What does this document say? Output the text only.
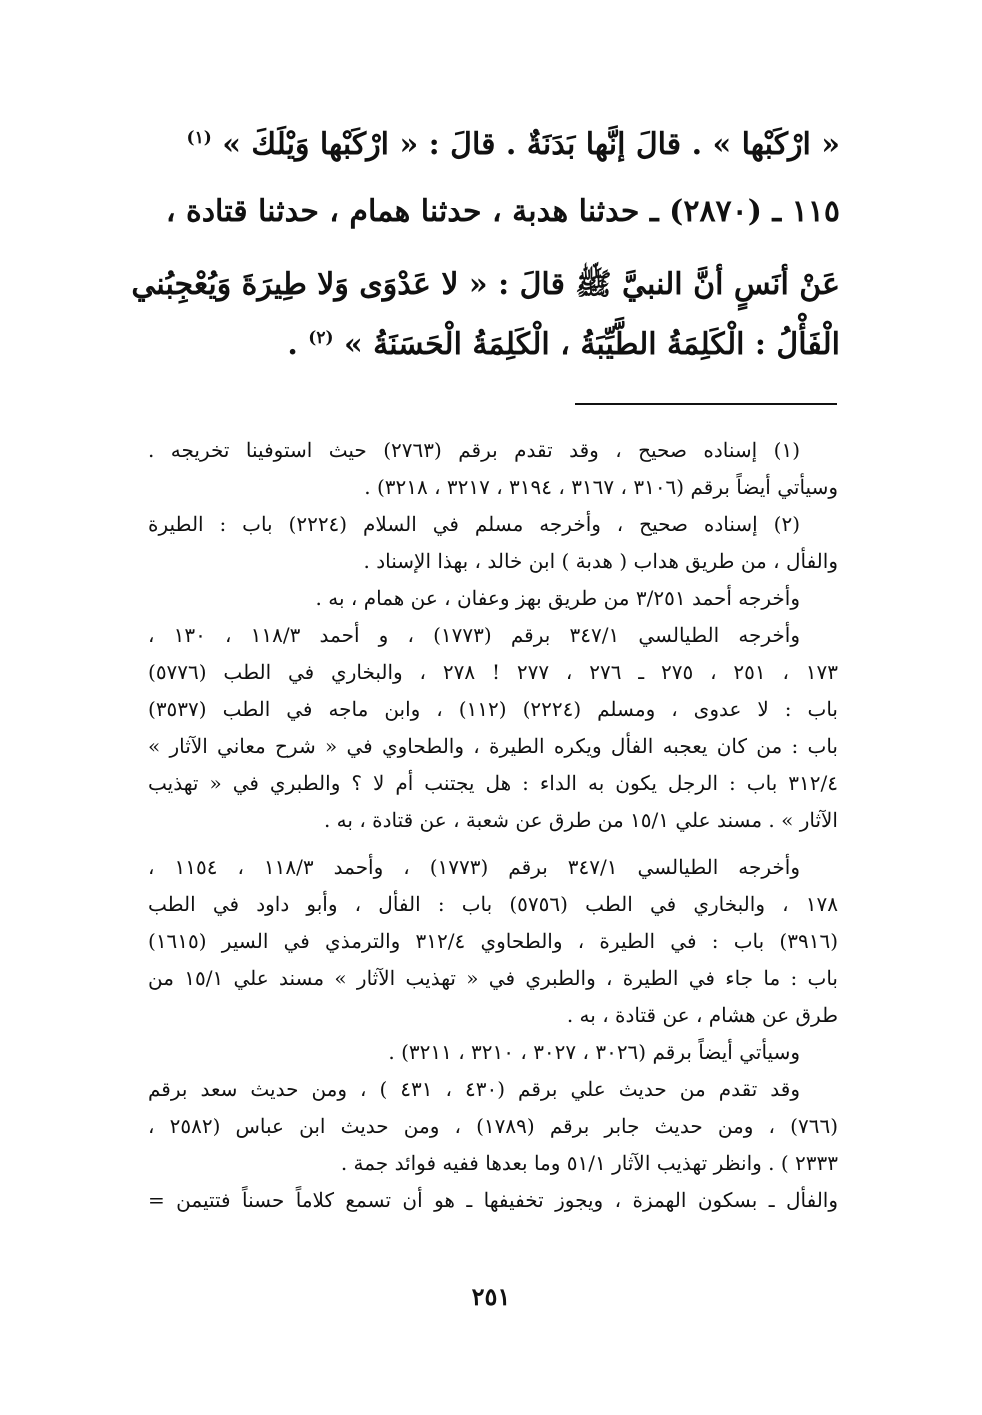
« ارْكَبْها » . قالَ إنَّها بَدَنَةٌ . قالَ : « ارْكَبْها وَيْلَكَ » $^{(١)}$
١١٥ ـ (٢٨٧٠) ـ حدثنا هدبة ، حدثنا همام ، حدثنا قتادة ،
عَنْ أنَسٍ أنَّ النبيَّ ﷺ قالَ : « لا عَدْوَى وَلا طِيرَةَ وَيُعْجِبُني
الْفَأْلُ : الْكَلِمَةُ الطَّيِّبَةُ ، الْكَلِمَةُ الْحَسَنَةُ » $^{(٢)}$ .
(١) إسناده صحيح ، وقد تقدم برقم (٢٧٦٣) حيث استوفينا تخريجه .
وسيأتي أيضاً برقم (٣١٠٦ ، ٣١٦٧ ، ٣١٩٤ ، ٣٢١٧ ، ٣٢١٨) .
(٢) إسناده صحيح ، وأخرجه مسلم في السلام (٢٢٢٤) باب : الطيرة
والفأل ، من طريق هداب ( هدبة ) ابن خالد ، بهذا الإسناد .
وأخرجه أحمد ٣/٢٥١ من طريق بهز وعفان ، عن همام ، به .
وأخرجه الطيالسي ٣٤٧/١ برقم (١٧٧٣) ، و أحمد ١١٨/٣ ، ١٣٠ ،
١٧٣ ، ٢٥١ ، ٢٧٥ ـ ٢٧٦ ، ٢٧٧ ! ٢٧٨ ، والبخاري في الطب (٥٧٧٦)
باب : لا عدوى ، ومسلم (٢٢٢٤) (١١٢) ، وابن ماجه في الطب (٣٥٣٧)
باب : من كان يعجبه الفأل ويكره الطيرة ، والطحاوي في « شرح معاني الآثار »
٣١٢/٤ باب : الرجل يكون به الداء : هل يجتنب أم لا ؟ والطبري في « تهذيب
الآثار » . مسند علي ١٥/١ من طرق عن شعبة ، عن قتادة ، به .
وأخرجه الطيالسي ٣٤٧/١ برقم (١٧٧٣) ، وأحمد ١١٨/٣ ، ١١٥٤ ،
١٧٨ ، والبخاري في الطب (٥٧٥٦) باب : الفأل ، وأبو داود في الطب
(٣٩١٦) باب : في الطيرة ، والطحاوي ٣١٢/٤ والترمذي في السير (١٦١٥)
باب : ما جاء في الطيرة ، والطبري في « تهذيب الآثار » مسند علي ١٥/١ من
طرق عن هشام ، عن قتادة ، به .
وسيأتي أيضاً برقم (٣٠٢٦ ، ٣٠٢٧ ، ٣٢١٠ ، ٣٢١١) .
وقد تقدم من حديث علي برقم (٤٣٠ ، ٤٣١ ) ، ومن حديث سعد برقم
(٧٦٦) ، ومن حديث جابر برقم (١٧٨٩) ، ومن حديث ابن عباس (٢٥٨٢ ،
٢٣٣٣ ) . وانظر تهذيب الآثار ٥١/١ وما بعدها ففيه فوائد جمة .
والفأل ـ بسكون الهمزة ، ويجوز تخفيفها ـ هو أن تسمع كلاماً حسناً فتتيمن =
٢٥١
